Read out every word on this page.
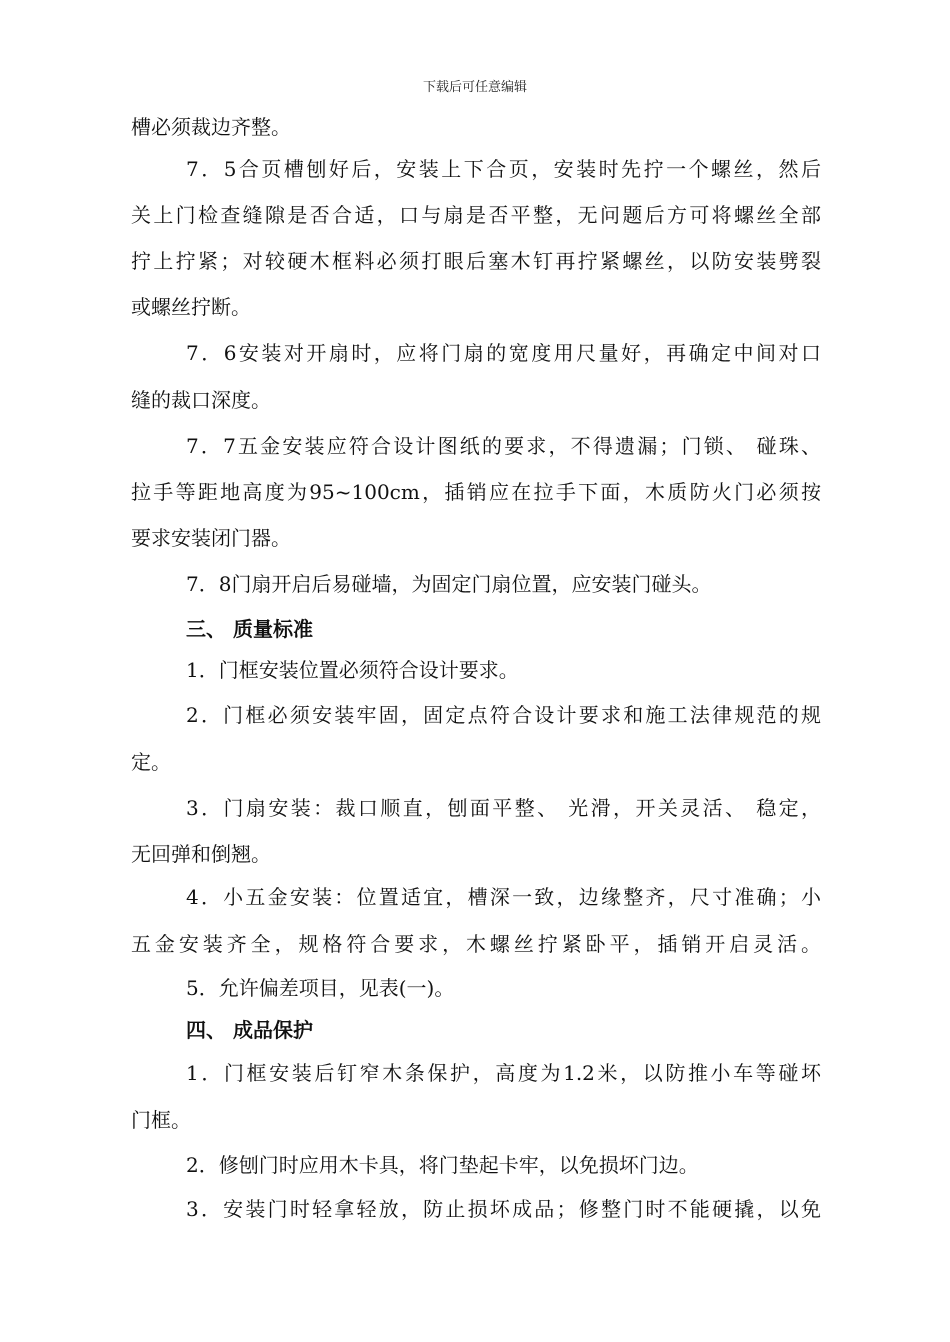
下载后可任意编辑
槽必须裁边齐整。
7．5合页槽刨好后，安装上下合页，安装时先拧一个螺丝，然后
关上门检查缝隙是否合适，口与扇是否平整，无问题后方可将螺丝全部
拧上拧紧；对较硬木框料必须打眼后塞木钉再拧紧螺丝，以防安装劈裂
或螺丝拧断。
7．6安装对开扇时，应将门扇的宽度用尺量好，再确定中间对口
缝的裁口深度。
7．7五金安装应符合设计图纸的要求，不得遗漏；门锁、 碰珠、
拉手等距地高度为95~100cm，插销应在拉手下面，木质防火门必须按
要求安装闭门器。
7．8门扇开启后易碰墙，为固定门扇位置，应安装门碰头。
三、 质量标准
1．门框安装位置必须符合设计要求。
2．门框必须安装牢固，固定点符合设计要求和施工法律规范的规
定。
3．门扇安装：裁口顺直，刨面平整、 光滑，开关灵活、 稳定，
无回弹和倒翘。
4．小五金安装：位置适宜，槽深一致，边缘整齐，尺寸准确；小
五金安装齐全，规格符合要求，木螺丝拧紧卧平，插销开启灵活。
5．允许偏差项目，见表(一)。
四、 成品保护
1．门框安装后钉窄木条保护，高度为1.2米，以防推小车等碰坏
门框。
2．修刨门时应用木卡具，将门垫起卡牢，以免损坏门边。
3．安装门时轻拿轻放，防止损坏成品；修整门时不能硬撬，以免
